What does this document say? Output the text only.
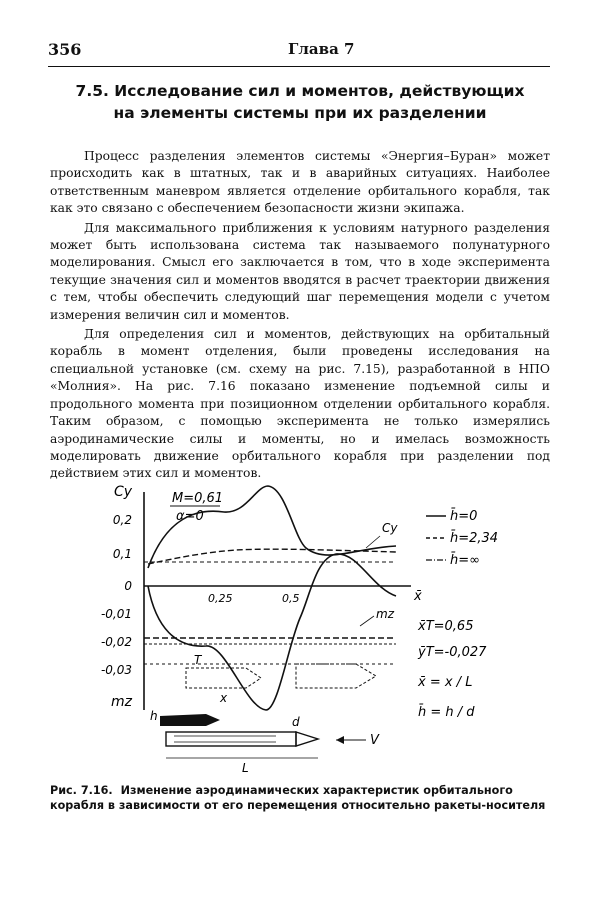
356	Глава 7
7.5. Исследование сил и моментов, действующих
на элементы системы при их разделении

Процесс разделения элементов системы «Энергия–Буран» может происходить как в штатных, так и в аварийных ситуациях. Наиболее ответственным маневром является отделение орбитального корабля, так как это связано с обеспечением безопасности жизни экипажа.

Для максимального приближения к условиям натурного разделения может быть использована система так называемого полунатурного моделирования. Смысл его заключается в том, что в ходе эксперимента текущие значения сил и моментов вводятся в расчет траектории движения с тем, чтобы обеспечить следующий шаг перемещения модели с учетом измерения величин сил и моментов.

Для определения сил и моментов, действующих на орбитальный корабль в момент отделения, были проведены исследования на специальной установке (см. схему на рис. 7.15), разработанной в НПО «Молния». На рис. 7.16 показано изменение подъемной силы и продольного момента при позиционном отделении орбитального корабля. Таким образом, с помощью эксперимента не только измерялись аэродинамические силы и моменты, но и имелась возможность моделировать движение орбитального корабля при разделении под действием этих сил и моментов.

Cy
0,2
0,1
0
-0,01
-0,02
-0,03
mz
M=0,61
α=0
0,25	0,5	x̄
Cy
mz
h̄=0
h̄=2,34
h̄=∞
x̄T=0,65
ȳT=-0,027
x̄ = x / L
h̄ = h / d
L
T
x
h	d
V
Рис. 7.16. Изменение аэродинамических характеристик орбитального корабля в зависимости от его перемещения относительно ракеты-носителя
